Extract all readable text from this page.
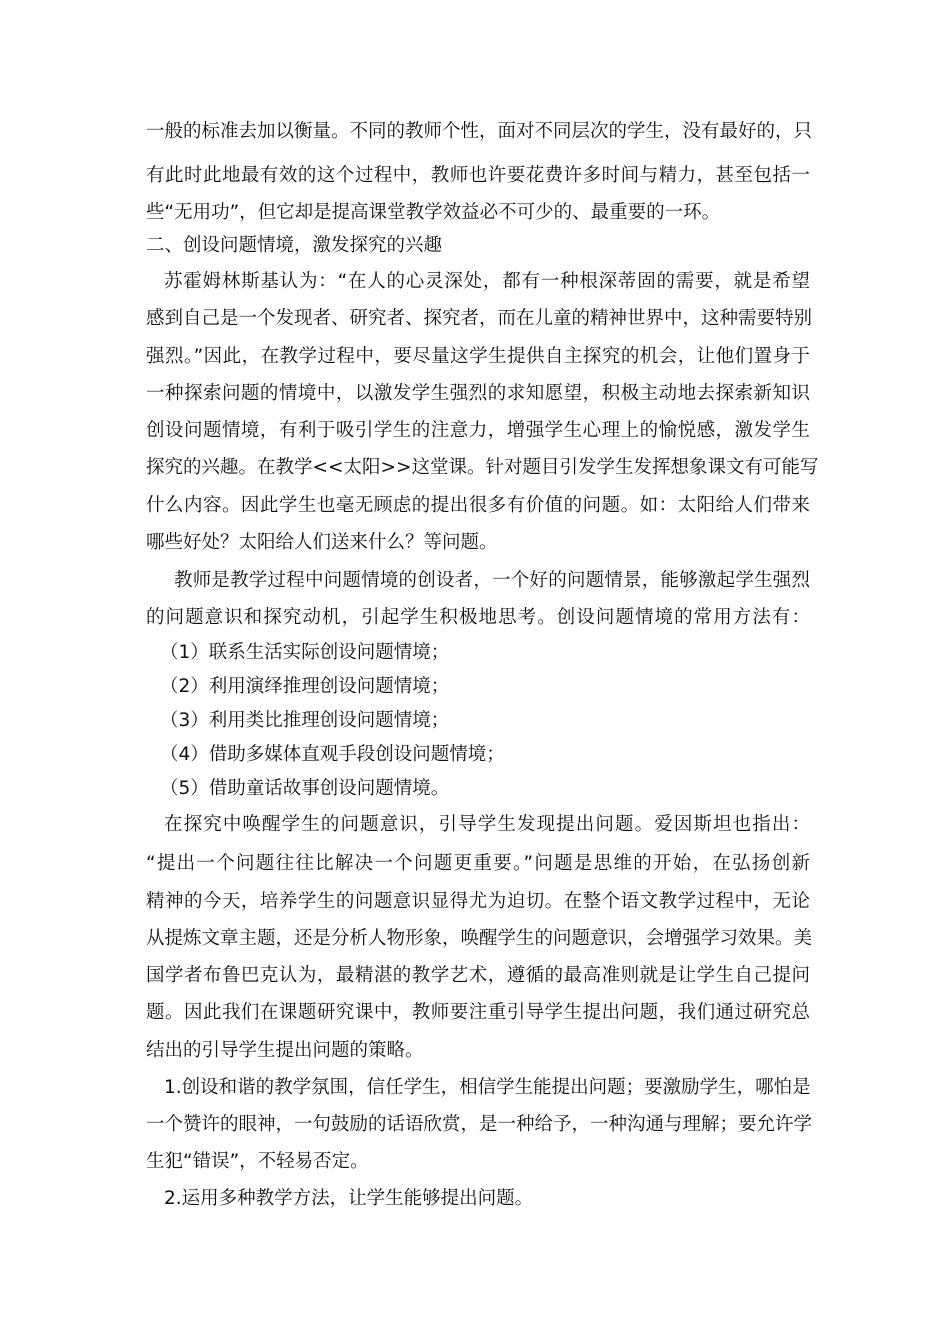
一般的标准去加以衡量。不同的教师个性，面对不同层次的学生，没有最好的，只
有此时此地最有效的这个过程中，教师也许要花费许多时间与精力，甚至包括一
些“无用功”，但它却是提高课堂教学效益必不可少的、最重要的一环。
二、创设问题情境，激发探究的兴趣
苏霍姆林斯基认为：“在人的心灵深处，都有一种根深蒂固的需要，就是希望
感到自己是一个发现者、研究者、探究者，而在儿童的精神世界中，这种需要特别
强烈。”因此，在教学过程中，要尽量这学生提供自主探究的机会，让他们置身于
一种探索问题的情境中，以激发学生强烈的求知愿望，积极主动地去探索新知识
创设问题情境，有利于吸引学生的注意力，增强学生心理上的愉悦感，激发学生
探究的兴趣。在教学<<太阳>>这堂课。针对题目引发学生发挥想象课文有可能写
什么内容。因此学生也毫无顾虑的提出很多有价值的问题。如：太阳给人们带来
哪些好处？太阳给人们送来什么？等问题。
教师是教学过程中问题情境的创设者，一个好的问题情景，能够激起学生强烈
的问题意识和探究动机，引起学生积极地思考。创设问题情境的常用方法有：
（1）联系生活实际创设问题情境；
（2）利用演绎推理创设问题情境；
（3）利用类比推理创设问题情境；
（4）借助多媒体直观手段创设问题情境；
（5）借助童话故事创设问题情境。
在探究中唤醒学生的问题意识，引导学生发现提出问题。爱因斯坦也指出：
“提出一个问题往往比解决一个问题更重要。”问题是思维的开始，在弘扬创新
精神的今天，培养学生的问题意识显得尤为迫切。在整个语文教学过程中，无论
从提炼文章主题，还是分析人物形象，唤醒学生的问题意识，会增强学习效果。美
国学者布鲁巴克认为，最精湛的教学艺术，遵循的最高准则就是让学生自己提问
题。因此我们在课题研究课中，教师要注重引导学生提出问题，我们通过研究总
结出的引导学生提出问题的策略。
1.创设和谐的教学氛围，信任学生，相信学生能提出问题；要激励学生，哪怕是
一个赞许的眼神，一句鼓励的话语欣赏，是一种给予，一种沟通与理解；要允许学
生犯“错误”，不轻易否定。
2.运用多种教学方法，让学生能够提出问题。
